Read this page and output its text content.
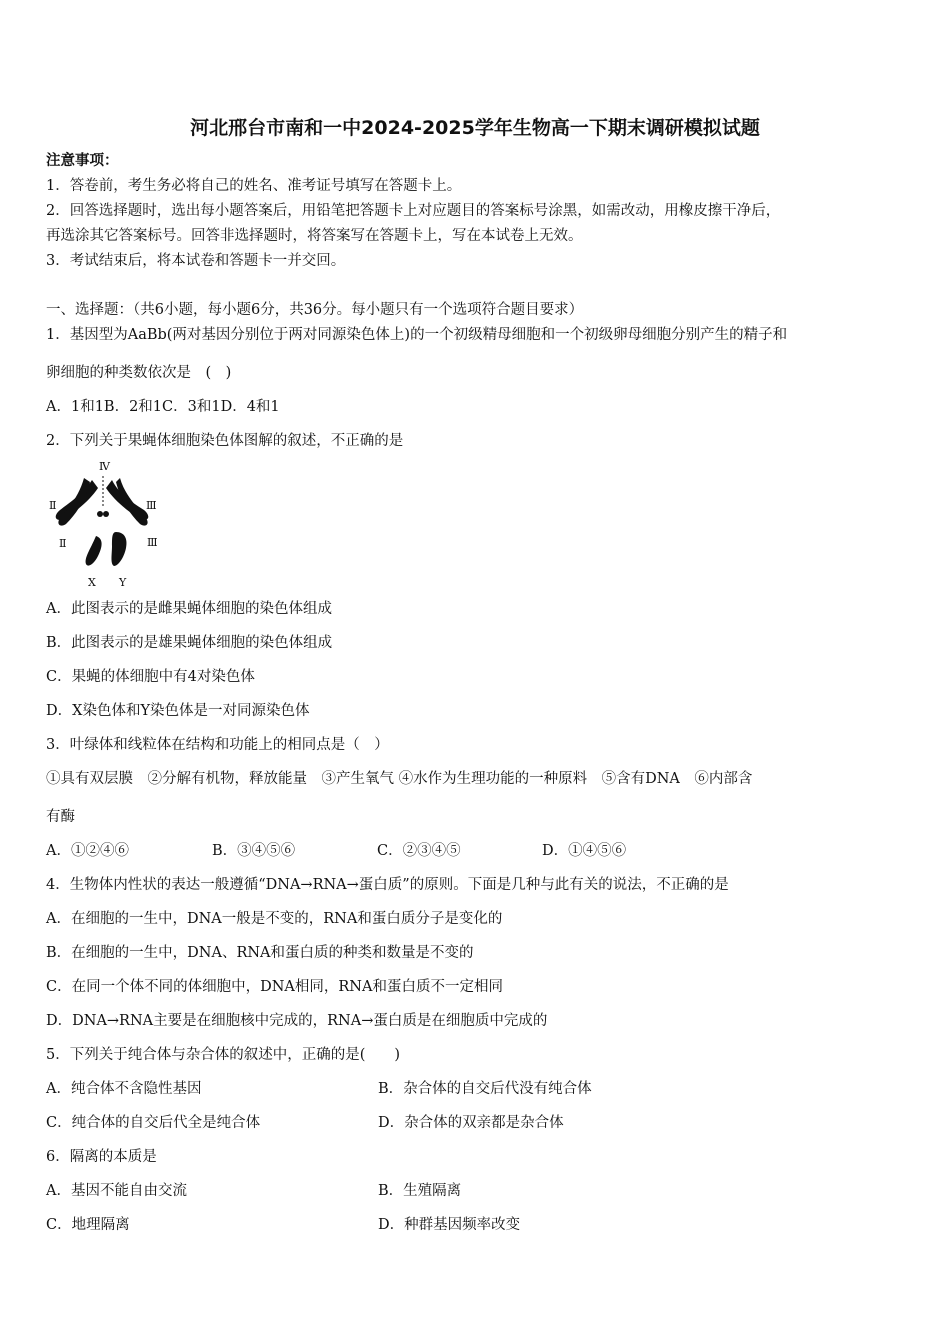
河北邢台市南和一中2024-2025学年生物高一下期末调研模拟试题
注意事项：
1．答卷前，考生务必将自己的姓名、准考证号填写在答题卡上。
2．回答选择题时，选出每小题答案后，用铅笔把答题卡上对应题目的答案标号涂黑，如需改动，用橡皮擦干净后，
再选涂其它答案标号。回答非选择题时，将答案写在答题卡上，写在本试卷上无效。
3．考试结束后，将本试卷和答题卡一并交回。
一、选择题：（共6小题，每小题6分，共36分。每小题只有一个选项符合题目要求）
1．基因型为AaBb(两对基因分别位于两对同源染色体上)的一个初级精母细胞和一个初级卵母细胞分别产生的精子和
卵细胞的种类数依次是　(　)
A．1和1B．2和1C．3和1D．4和1
2．下列关于果蝇体细胞染色体图解的叙述，不正确的是
Ⅳ
Ⅱ	Ⅲ
Ⅱ	Ⅲ
X Y
A．此图表示的是雌果蝇体细胞的染色体组成
B．此图表示的是雄果蝇体细胞的染色体组成
C．果蝇的体细胞中有4对染色体
D．X染色体和Y染色体是一对同源染色体
3．叶绿体和线粒体在结构和功能上的相同点是（　）
①具有双层膜　②分解有机物，释放能量　③产生氧气 ④水作为生理功能的一种原料　⑤含有DNA　⑥内部含
有酶
A．①②④⑥	B．③④⑤⑥	C．②③④⑤	D．①④⑤⑥
4．生物体内性状的表达一般遵循“DNA→RNA→蛋白质”的原则。下面是几种与此有关的说法，不正确的是
A．在细胞的一生中，DNA一般是不变的，RNA和蛋白质分子是变化的
B．在细胞的一生中，DNA、RNA和蛋白质的种类和数量是不变的
C．在同一个体不同的体细胞中，DNA相同，RNA和蛋白质不一定相同
D．DNA→RNA主要是在细胞核中完成的，RNA→蛋白质是在细胞质中完成的
5．下列关于纯合体与杂合体的叙述中，正确的是(　　)
A．纯合体不含隐性基因	B．杂合体的自交后代没有纯合体
C．纯合体的自交后代全是纯合体	D．杂合体的双亲都是杂合体
6．隔离的本质是
A．基因不能自由交流	B．生殖隔离
C．地理隔离	D．种群基因频率改变
